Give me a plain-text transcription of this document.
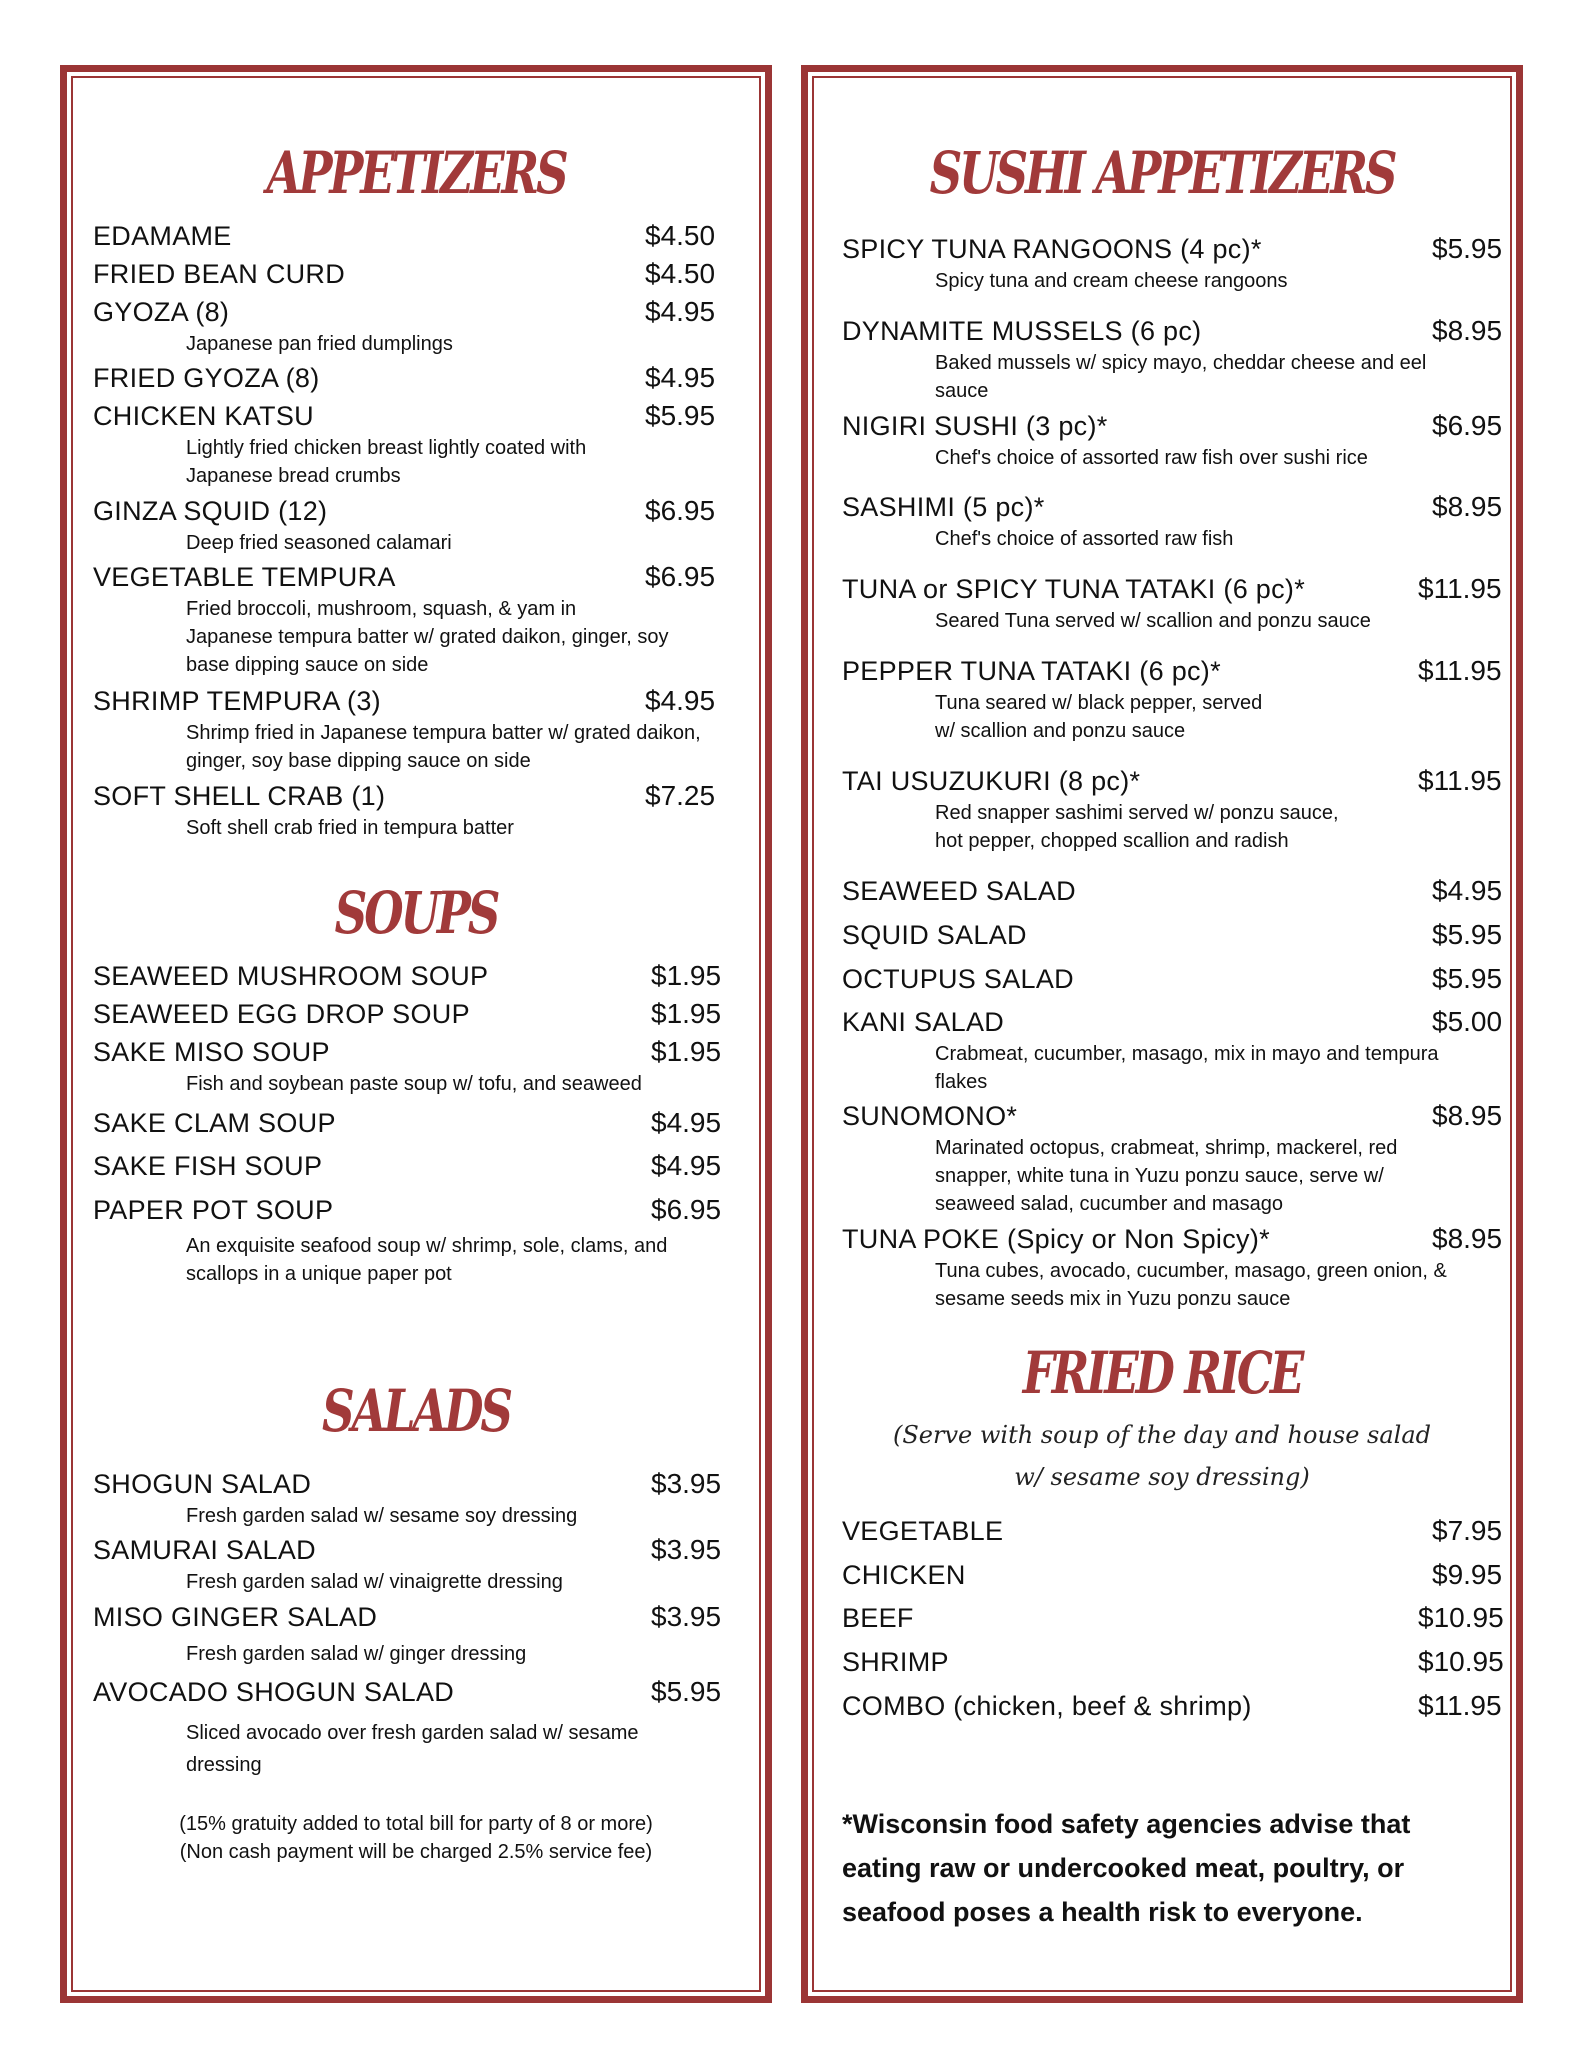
APPETIZERS
EDAMAME	$4.50
FRIED BEAN CURD	$4.50
GYOZA (8)	$4.95
Japanese pan fried dumplings
FRIED GYOZA (8)	$4.95
CHICKEN KATSU	$5.95
Lightly fried chicken breast lightly coated with
Japanese bread crumbs
GINZA SQUID (12)	$6.95
Deep fried seasoned calamari
VEGETABLE TEMPURA	$6.95
Fried broccoli, mushroom, squash, & yam in
Japanese tempura batter w/ grated daikon, ginger, soy
base dipping sauce on side
SHRIMP TEMPURA (3)	$4.95
Shrimp fried in Japanese tempura batter w/ grated daikon,
ginger, soy base dipping sauce on side
SOFT SHELL CRAB (1)	$7.25
Soft shell crab fried in tempura batter
SOUPS
SEAWEED MUSHROOM SOUP	$1.95
SEAWEED EGG DROP SOUP	$1.95
SAKE MISO SOUP	$1.95
Fish and soybean paste soup w/ tofu, and seaweed
SAKE CLAM SOUP	$4.95
SAKE FISH SOUP	$4.95
PAPER POT SOUP	$6.95
An exquisite seafood soup w/ shrimp, sole, clams, and
scallops in a unique paper pot
SALADS
SHOGUN SALAD	$3.95
Fresh garden salad w/ sesame soy dressing
SAMURAI SALAD	$3.95
Fresh garden salad w/ vinaigrette dressing
MISO GINGER SALAD	$3.95
Fresh garden salad w/ ginger dressing
AVOCADO SHOGUN SALAD	$5.95
Sliced avocado over fresh garden salad w/ sesame
dressing
(15% gratuity added to total bill for party of 8 or more)
(Non cash payment will be charged 2.5% service fee)
SUSHI APPETIZERS
SPICY TUNA RANGOONS (4 pc)*	$5.95
Spicy tuna and cream cheese rangoons
DYNAMITE MUSSELS (6 pc)	$8.95
Baked mussels w/ spicy mayo, cheddar cheese and eel
sauce
NIGIRI SUSHI (3 pc)*	$6.95
Chef's choice of assorted raw fish over sushi rice
SASHIMI (5 pc)*	$8.95
Chef's choice of assorted raw fish
TUNA or SPICY TUNA TATAKI (6 pc)*	$11.95
Seared Tuna served w/ scallion and ponzu sauce
PEPPER TUNA TATAKI (6 pc)*	$11.95
Tuna seared w/ black pepper, served
w/ scallion and ponzu sauce
TAI USUZUKURI (8 pc)*	$11.95
Red snapper sashimi served w/ ponzu sauce,
hot pepper, chopped scallion and radish
SEAWEED SALAD	$4.95
SQUID SALAD	$5.95
OCTUPUS SALAD	$5.95
KANI SALAD	$5.00
Crabmeat, cucumber, masago, mix in mayo and tempura
flakes
SUNOMONO*	$8.95
Marinated octopus, crabmeat, shrimp, mackerel, red
snapper, white tuna in Yuzu ponzu sauce, serve w/
seaweed salad, cucumber and masago
TUNA POKE (Spicy or Non Spicy)*	$8.95
Tuna cubes, avocado, cucumber, masago, green onion, &
sesame seeds mix in Yuzu ponzu sauce
FRIED RICE
(Serve with soup of the day and house salad
w/ sesame soy dressing)
VEGETABLE	$7.95
CHICKEN	$9.95
BEEF	$10.95
SHRIMP	$10.95
COMBO (chicken, beef & shrimp)	$11.95
*Wisconsin food safety agencies advise that eating raw or undercooked meat, poultry, or seafood poses a health risk to everyone.
